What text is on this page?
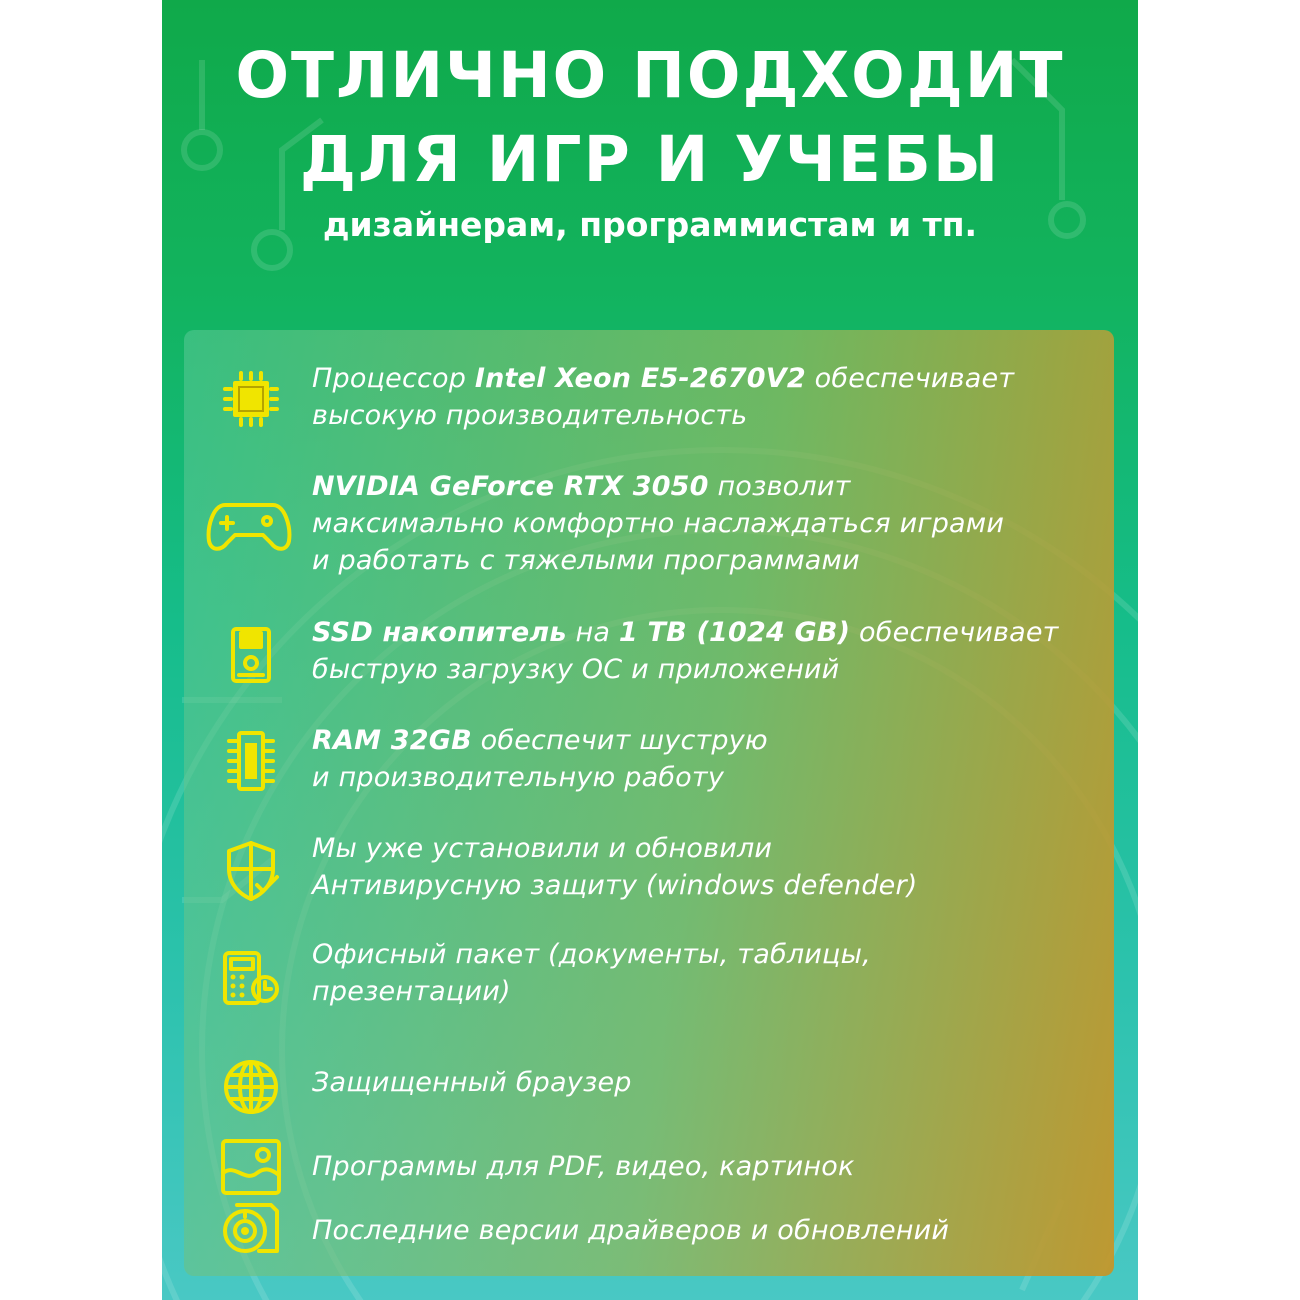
ОТЛИЧНО ПОДХОДИТ
ДЛЯ ИГР И УЧЕБЫ
дизайнерам, программистам и тп.
Процессор Intel Xeon E5-2670V2 обеспечивает
высокую производительность
NVIDIA GeForce RTX 3050 позволит
максимально комфортно наслаждаться играми
и работать с тяжелыми программами
SSD накопитель на 1 TB (1024 GB) обеспечивает
быструю загрузку ОС и приложений
RAM 32GB обеспечит шуструю
и производительную работу
Мы уже установили и обновили
Антивирусную защиту (windows defender)
Офисный пакет (документы, таблицы,
презентации)
Защищенный браузер
Программы для PDF, видео, картинок
Последние версии драйверов и обновлений
